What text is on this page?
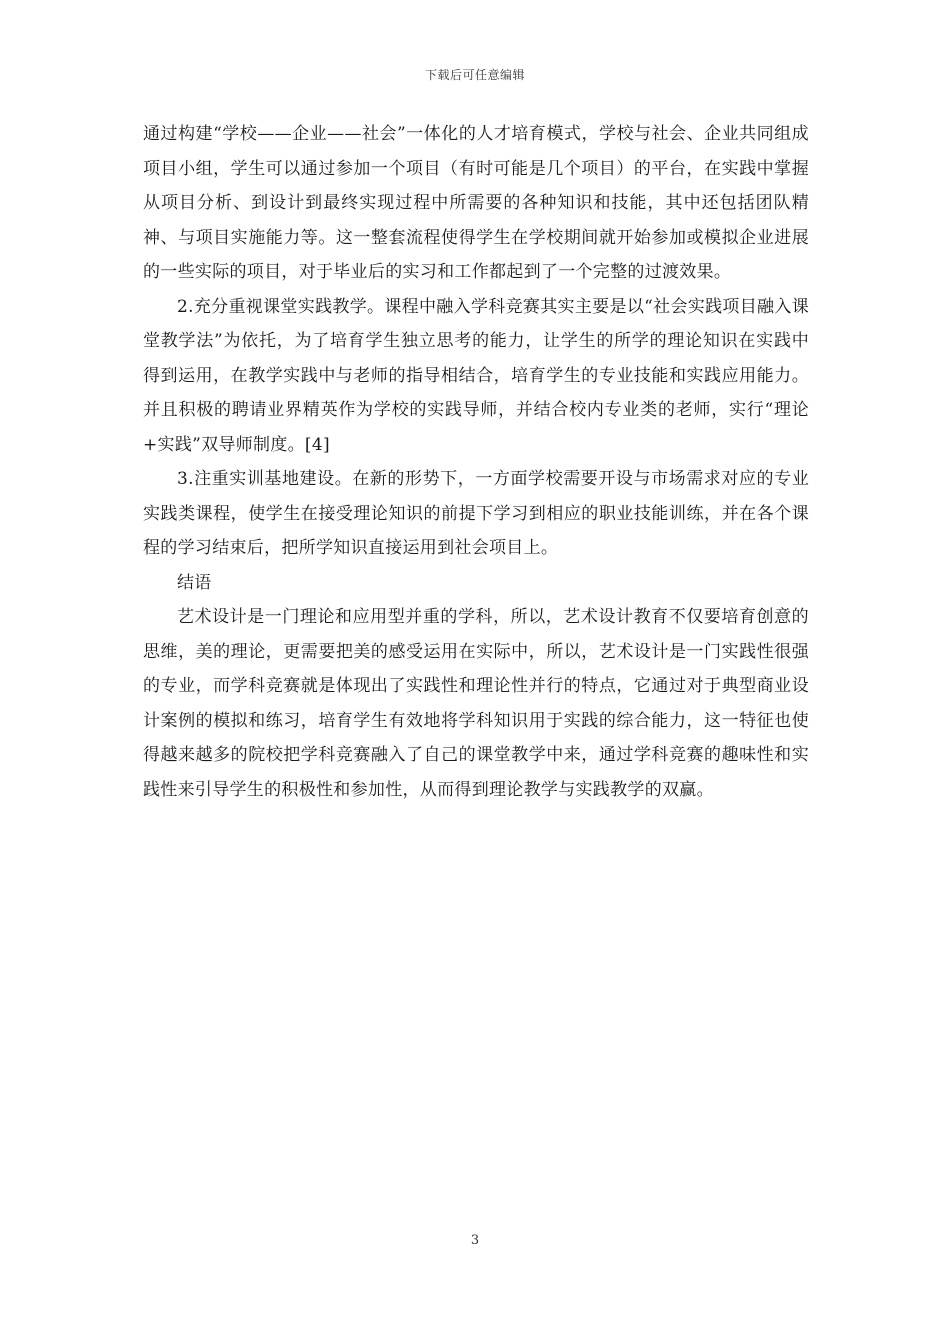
下载后可任意编辑

通过构建“学校——企业——社会”一体化的人才培育模式，学校与社会、企业共同组成项目小组，学生可以通过参加一个项目（有时可能是几个项目）的平台，在实践中掌握从项目分析、到设计到最终实现过程中所需要的各种知识和技能，其中还包括团队精神、与项目实施能力等。这一整套流程使得学生在学校期间就开始参加或模拟企业进展的一些实际的项目，对于毕业后的实习和工作都起到了一个完整的过渡效果。

2.充分重视课堂实践教学。课程中融入学科竞赛其实主要是以“社会实践项目融入课堂教学法”为依托，为了培育学生独立思考的能力，让学生的所学的理论知识在实践中得到运用，在教学实践中与老师的指导相结合，培育学生的专业技能和实践应用能力。并且积极的聘请业界精英作为学校的实践导师，并结合校内专业类的老师，实行“理论+实践”双导师制度。[4]

3.注重实训基地建设。在新的形势下，一方面学校需要开设与市场需求对应的专业实践类课程，使学生在接受理论知识的前提下学习到相应的职业技能训练，并在各个课程的学习结束后，把所学知识直接运用到社会项目上。

结语

艺术设计是一门理论和应用型并重的学科，所以，艺术设计教育不仅要培育创意的思维，美的理论，更需要把美的感受运用在实际中，所以，艺术设计是一门实践性很强的专业，而学科竞赛就是体现出了实践性和理论性并行的特点，它通过对于典型商业设计案例的模拟和练习，培育学生有效地将学科知识用于实践的综合能力，这一特征也使得越来越多的院校把学科竞赛融入了自己的课堂教学中来，通过学科竞赛的趣味性和实践性来引导学生的积极性和参加性，从而得到理论教学与实践教学的双赢。

3
